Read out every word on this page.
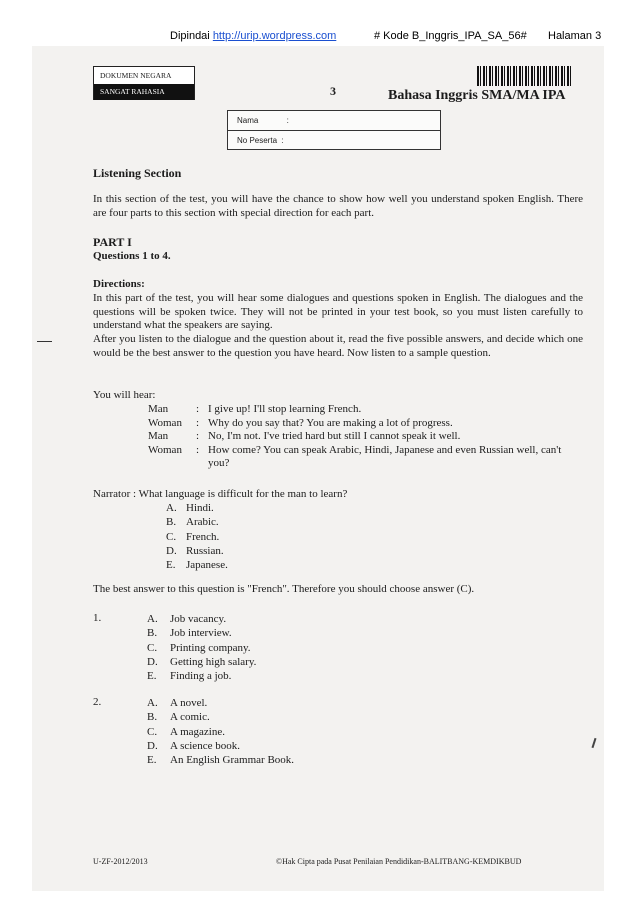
Dipindai http://urip.wordpress.com	# Kode B_Inggris_IPA_SA_56# Halaman 3
DOKUMEN NEGARA
SANGAT RAHASIA	3	Bahasa Inggris SMA/MA IPA
Nama	:
No Peserta :
Listening Section
In this section of the test, you will have the chance to show how well you understand spoken English. There are four parts to this section with special direction for each part.
PART I
Questions 1 to 4.
Directions:
In this part of the test, you will hear some dialogues and questions spoken in English. The dialogues and the questions will be spoken twice. They will not be printed in your test book, so you must listen carefully to understand what the speakers are saying.
After you listen to the dialogue and the question about it, read the five possible answers, and decide which one would be the best answer to the question you have heard. Now listen to a sample question.
You will hear:
Man	: I give up! I'll stop learning French.
Woman	: Why do you say that? You are making a lot of progress.
Man	: No, I'm not. I've tried hard but still I cannot speak it well.
Woman	: How come? You can speak Arabic, Hindi, Japanese and even Russian well, can't you?
Narrator : What language is difficult for the man to learn?
A. Hindi.
B. Arabic.
C. French.
D. Russian.
E. Japanese.
The best answer to this question is "French". Therefore you should choose answer (C).
1.	A.	Job vacancy.
B.	Job interview.
C.	Printing company.
D.	Getting high salary.
E.	Finding a job.
2.	A.	A novel.
B.	A comic.
C.	A magazine.
D.	A science book.
E.	An English Grammar Book.
U-ZF-2012/2013	©Hak Cipta pada Pusat Penilaian Pendidikan-BALITBANG-KEMDIKBUD
